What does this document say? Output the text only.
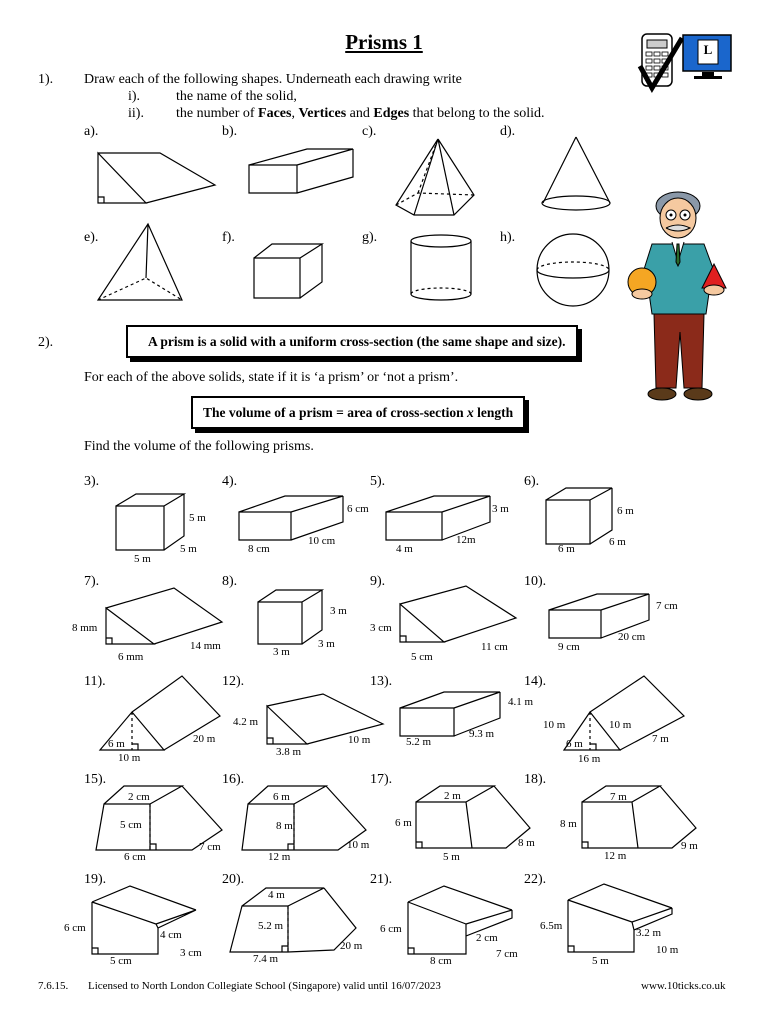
Prisms 1	L
1). Draw each of the following shapes. Underneath each drawing write
i).	the name of the solid,
ii). the number of Faces, Vertices and Edges that belong to the solid.
a).	b).	c).	d).
e).	f).	g).	h).
2).	A prism is a solid with a uniform cross-section (the same shape and size).
For each of the above solids, state if it is ‘a prism’ or ‘not a prism’.
The volume of a prism = area of cross-section x length
Find the volume of the following prisms.
3).	4).	5).	6).
7).	8).	9).	10).
11).	12).	13).	14).
15).	16).	17).	18).
19).	20).	21).	22).
5 m
5 m
5 m
6 cm
10 cm
8 cm
3 m
12m
4 m
6 m
6 m
6 m
8 mm
6 mm
14 mm
3 m
3 m
3 m
3 cm
5 cm
11 cm
7 cm
20 cm
9 cm
6 m
10 m
20 m
4.2 m
3.8 m
10 m
4.1 m
9.3 m
5.2 m
10 m	10 m
6 m
16 m
7 m
2 cm
5 cm
6 cm
7 cm
6 m
8 m
12 m
10 m
2 m
6 m
5 m
8 m
7 m
8 m
12 m
9 m
6 cm
4 cm
5 cm
3 cm
4 m
5.2 m
7.4 m
20 m
6 cm
2 cm
8 cm
7 cm
6.5m
3.2 m
5 m
10 m
7.6.15. Licensed to North London Collegiate School (Singapore) valid until 16/07/2023	www.10ticks.co.uk
